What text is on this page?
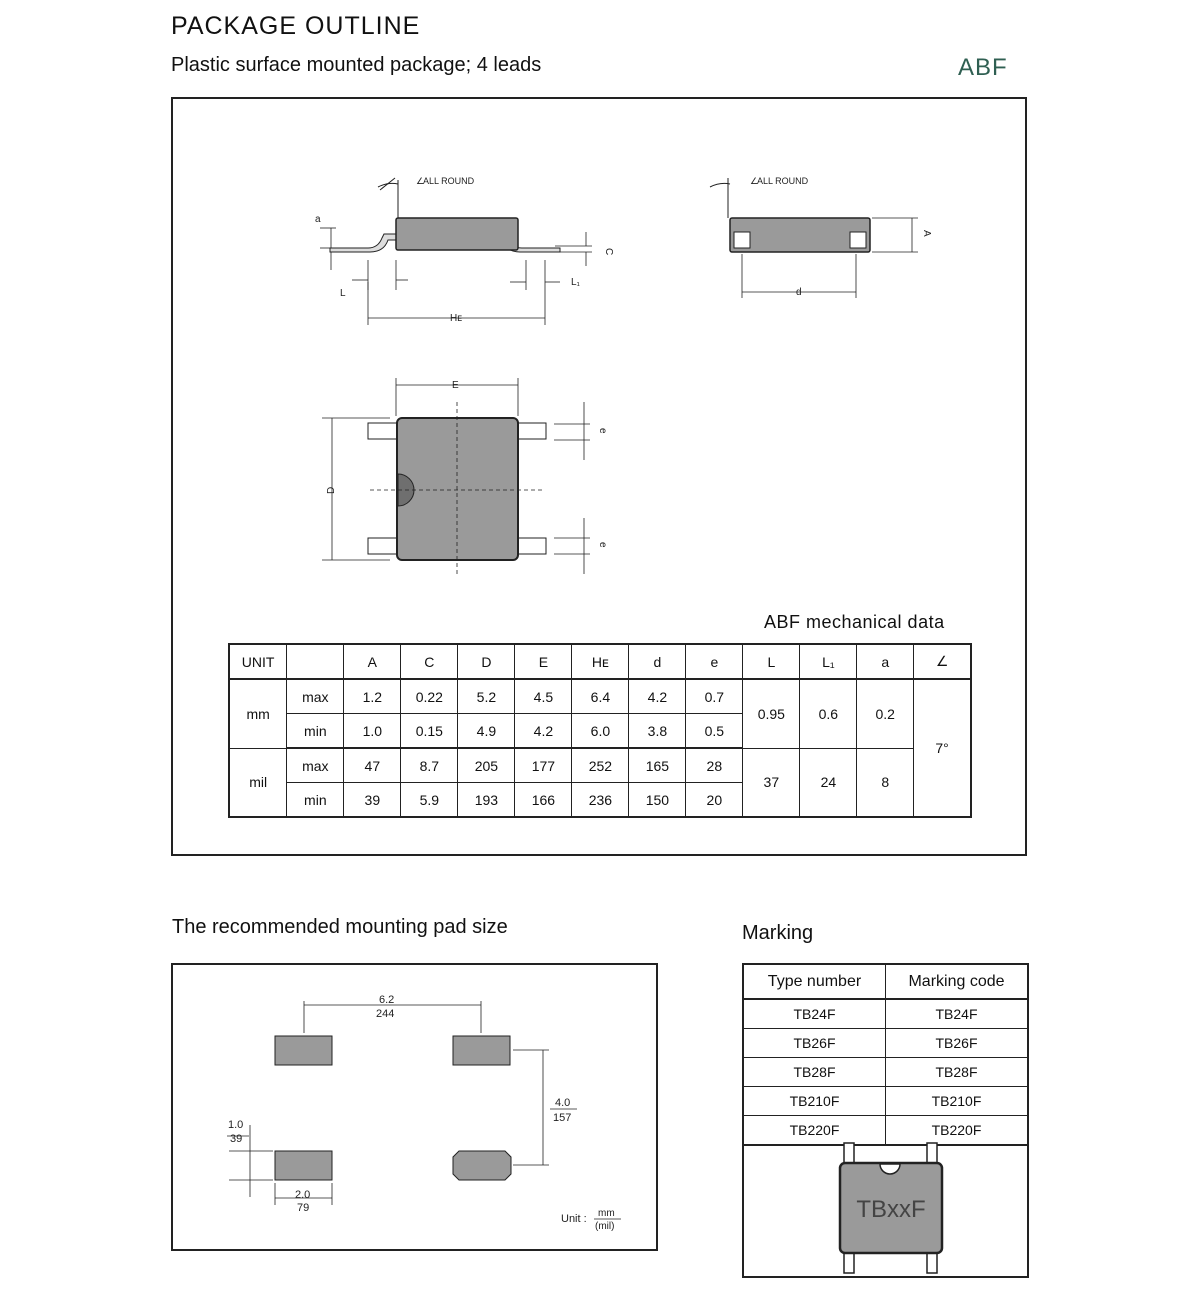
PACKAGE OUTLINE
Plastic surface mounted package; 4 leads	ABF
ALL ROUND
∠
a
L
L₁
Hᴇ
C
∠
ALL ROUND
d
A
E
D
e
e
ABF mechanical data
UNIT		A	C	D	E	Hᴇ	d	e	L	L₁	a	∠
mm	max	1.2	0.22	5.2	4.5	6.4	4.2	0.7	0.95	0.6	0.2	7°
	min	1.0	0.15	4.9	4.2	6.0	3.8	0.5				
mil	max	47	8.7	205	177	252	165	28	37	24	8	
	min	39	5.9	193	166	236	150	20				
The recommended mounting pad size	Marking
6.2
244
4.0
157
1.0
39
2.0
79
Unit : mm
(mil)
Type number	Marking code
TB24F	TB24F
TB26F	TB26F
TB28F	TB28F
TB210F	TB210F
TB220F	TB220F
TBxxF
